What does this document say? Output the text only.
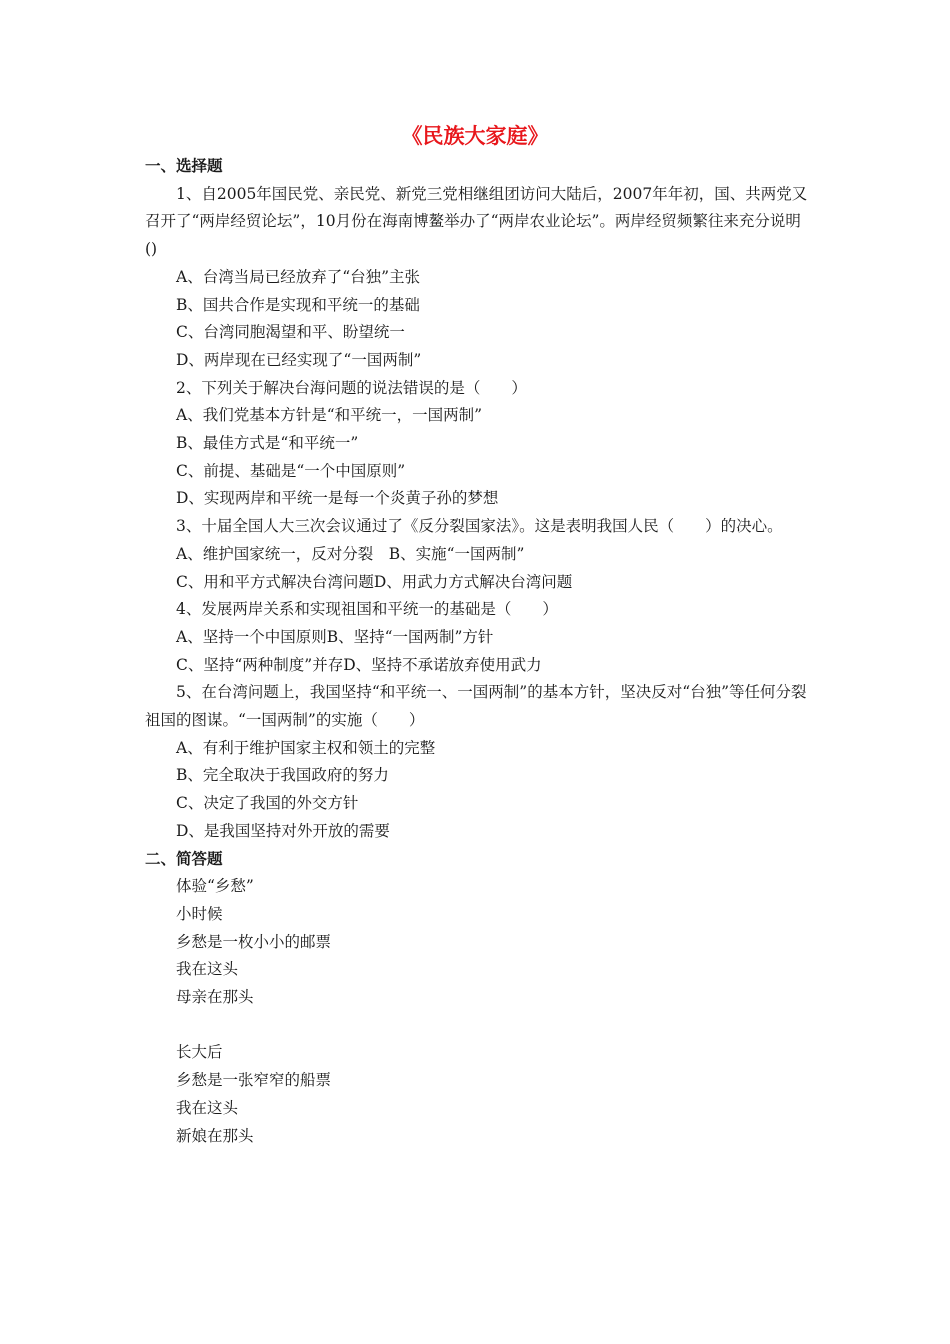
《民族大家庭》
一、选择题
1、自2005年国民党、亲民党、新党三党相继组团访问大陆后，2007年年初，国、共两党又召开了“两岸经贸论坛”，10月份在海南博鳌举办了“两岸农业论坛”。两岸经贸频繁往来充分说明()
A、台湾当局已经放弃了“台独”主张
B、国共合作是实现和平统一的基础
C、台湾同胞渴望和平、盼望统一
D、两岸现在已经实现了“一国两制”
2、下列关于解决台海问题的说法错误的是（　　）
A、我们党基本方针是“和平统一，一国两制”
B、最佳方式是“和平统一”
C、前提、基础是“一个中国原则”
D、实现两岸和平统一是每一个炎黄子孙的梦想
3、十届全国人大三次会议通过了《反分裂国家法》。这是表明我国人民（　　）的决心。
A、维护国家统一，反对分裂　B、实施“一国两制”
C、用和平方式解决台湾问题D、用武力方式解决台湾问题
4、发展两岸关系和实现祖国和平统一的基础是（　　）
A、坚持一个中国原则B、坚持“一国两制”方针
C、坚持“两种制度”并存D、坚持不承诺放弃使用武力
5、在台湾问题上，我国坚持“和平统一、一国两制”的基本方针，坚决反对“台独”等任何分裂祖国的图谋。“一国两制”的实施（　　）
A、有利于维护国家主权和领土的完整
B、完全取决于我国政府的努力
C、决定了我国的外交方针
D、是我国坚持对外开放的需要
二、简答题
体验“乡愁”
小时候
乡愁是一枚小小的邮票
我在这头
母亲在那头
长大后
乡愁是一张窄窄的船票
我在这头
新娘在那头
